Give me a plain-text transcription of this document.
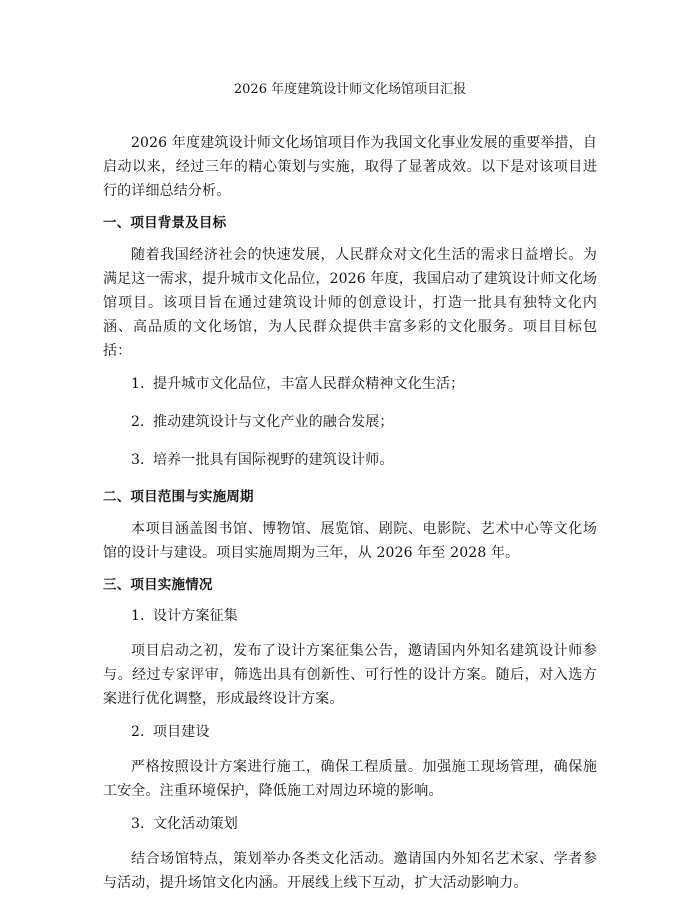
2026 年度建筑设计师文化场馆项目汇报

2026 年度建筑设计师文化场馆项目作为我国文化事业发展的重要举措，自启动以来，经过三年的精心策划与实施，取得了显著成效。以下是对该项目进行的详细总结分析。

一、项目背景及目标

随着我国经济社会的快速发展，人民群众对文化生活的需求日益增长。为满足这一需求，提升城市文化品位，2026 年度，我国启动了建筑设计师文化场馆项目。该项目旨在通过建筑设计师的创意设计，打造一批具有独特文化内涵、高品质的文化场馆，为人民群众提供丰富多彩的文化服务。项目目标包括：

1. 提升城市文化品位，丰富人民群众精神文化生活；
2. 推动建筑设计与文化产业的融合发展；
3. 培养一批具有国际视野的建筑设计师。
二、项目范围与实施周期

本项目涵盖图书馆、博物馆、展览馆、剧院、电影院、艺术中心等文化场馆的设计与建设。项目实施周期为三年，从 2026 年至 2028 年。

三、项目实施情况
1. 设计方案征集

项目启动之初，发布了设计方案征集公告，邀请国内外知名建筑设计师参与。经过专家评审，筛选出具有创新性、可行性的设计方案。随后，对入选方案进行优化调整，形成最终设计方案。

2. 项目建设

严格按照设计方案进行施工，确保工程质量。加强施工现场管理，确保施工安全。注重环境保护，降低施工对周边环境的影响。

3. 文化活动策划

结合场馆特点，策划举办各类文化活动。邀请国内外知名艺术家、学者参与活动，提升场馆文化内涵。开展线上线下互动，扩大活动影响力。
